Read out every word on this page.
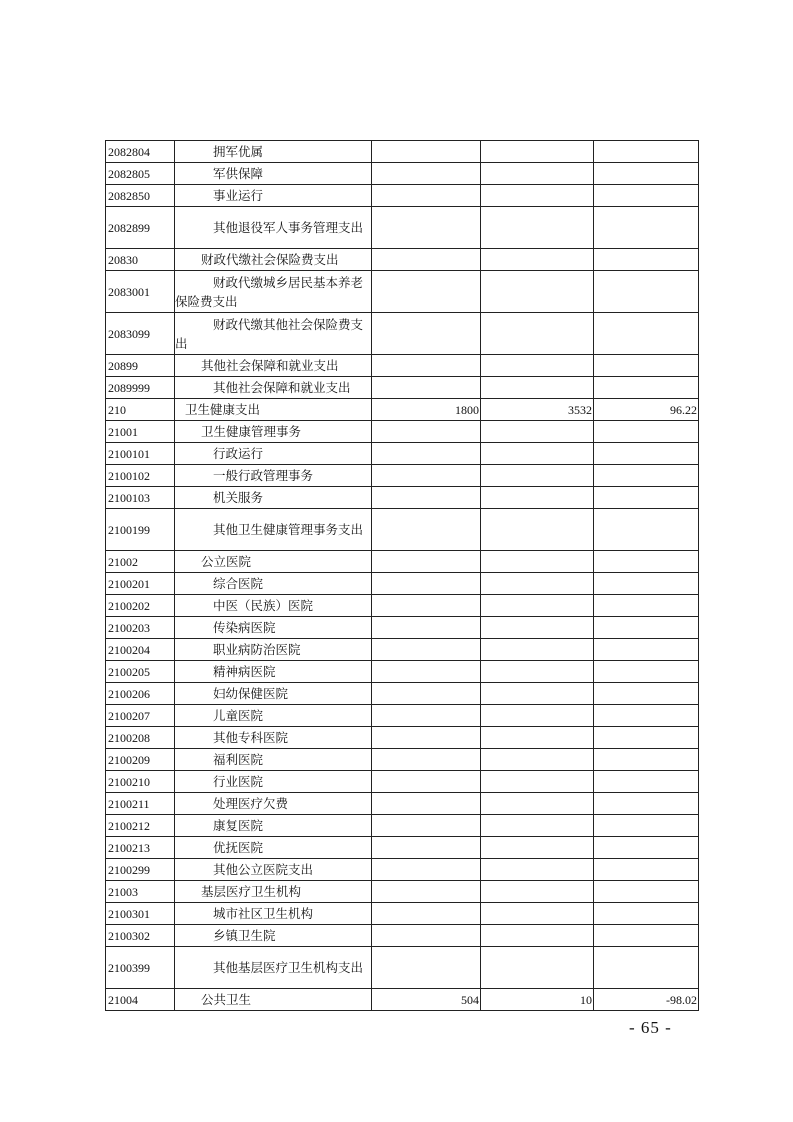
2082804	拥军优属			
2082805	军供保障			
2082850	事业运行			
2082899	其他退役军人事务管理支出			

20830	财政代缴社会保险费支出			
2083001	财政代缴城乡居民基本养老保险费支出			

2083099	财政代缴其他社会保险费支出			

20899	其他社会保障和就业支出			
2089999	其他社会保障和就业支出			
210	卫生健康支出	1800	3532	96.22
21001	卫生健康管理事务			
2100101	行政运行			
2100102	一般行政管理事务			
2100103	机关服务			
2100199	其他卫生健康管理事务支出			

21002	公立医院			
2100201	综合医院			
2100202	中医（民族）医院			
2100203	传染病医院			
2100204	职业病防治医院			
2100205	精神病医院			
2100206	妇幼保健医院			
2100207	儿童医院			
2100208	其他专科医院			
2100209	福利医院			
2100210	行业医院			
2100211	处理医疗欠费			
2100212	康复医院			
2100213	优抚医院			
2100299	其他公立医院支出			
21003	基层医疗卫生机构			
2100301	城市社区卫生机构			
2100302	乡镇卫生院			
2100399	其他基层医疗卫生机构支出			

21004	公共卫生	504	10	-98.02
- 65 -
